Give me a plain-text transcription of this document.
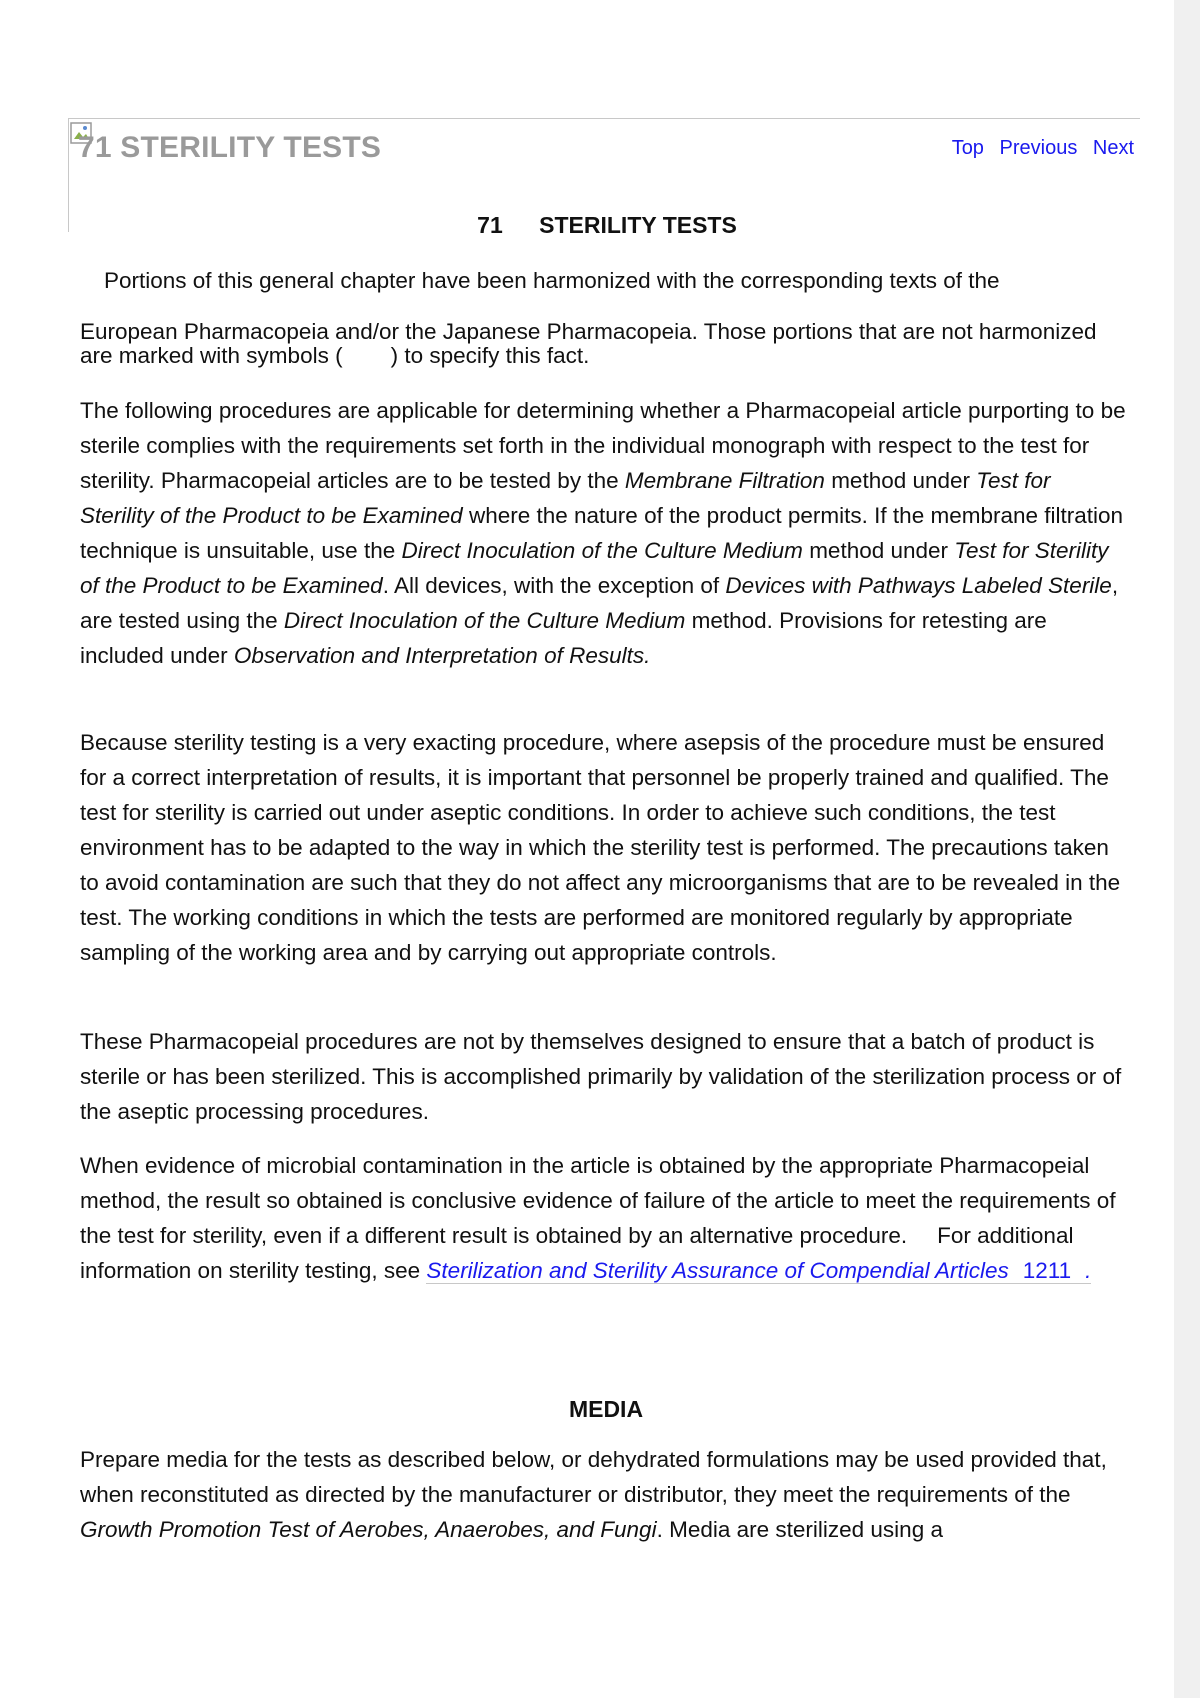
71 STERILITY TESTS	Top Previous Next
71 STERILITY TESTS
Portions of this general chapter have been harmonized with the corresponding texts of the

European Pharmacopeia and/or the Japanese Pharmacopeia. Those portions that are not harmonized are marked with symbols ( ) to specify this fact.

The following procedures are applicable for determining whether a Pharmacopeial article purporting to be sterile complies with the requirements set forth in the individual monograph with respect to the test for sterility. Pharmacopeial articles are to be tested by the Membrane Filtration method under Test for Sterility of the Product to be Examined where the nature of the product permits. If the membrane filtration technique is unsuitable, use the Direct Inoculation of the Culture Medium method under Test for Sterility of the Product to be Examined. All devices, with the exception of Devices with Pathways Labeled Sterile, are tested using the Direct Inoculation of the Culture Medium method. Provisions for retesting are included under Observation and Interpretation of Results.

Because sterility testing is a very exacting procedure, where asepsis of the procedure must be ensured for a correct interpretation of results, it is important that personnel be properly trained and qualified. The test for sterility is carried out under aseptic conditions. In order to achieve such conditions, the test environment has to be adapted to the way in which the sterility test is performed. The precautions taken to avoid contamination are such that they do not affect any microorganisms that are to be revealed in the test. The working conditions in which the tests are performed are monitored regularly by appropriate sampling of the working area and by carrying out appropriate controls.

These Pharmacopeial procedures are not by themselves designed to ensure that a batch of product is sterile or has been sterilized. This is accomplished primarily by validation of the sterilization process or of the aseptic processing procedures.

When evidence of microbial contamination in the article is obtained by the appropriate Pharmacopeial method, the result so obtained is conclusive evidence of failure of the article to meet the requirements of the test for sterility, even if a different result is obtained by an alternative procedure. For additional information on sterility testing, see Sterilization and Sterility Assurance of Compendial Articles 1211 .

MEDIA

Prepare media for the tests as described below, or dehydrated formulations may be used provided that, when reconstituted as directed by the manufacturer or distributor, they meet the requirements of the Growth Promotion Test of Aerobes, Anaerobes, and Fungi. Media are sterilized using a
